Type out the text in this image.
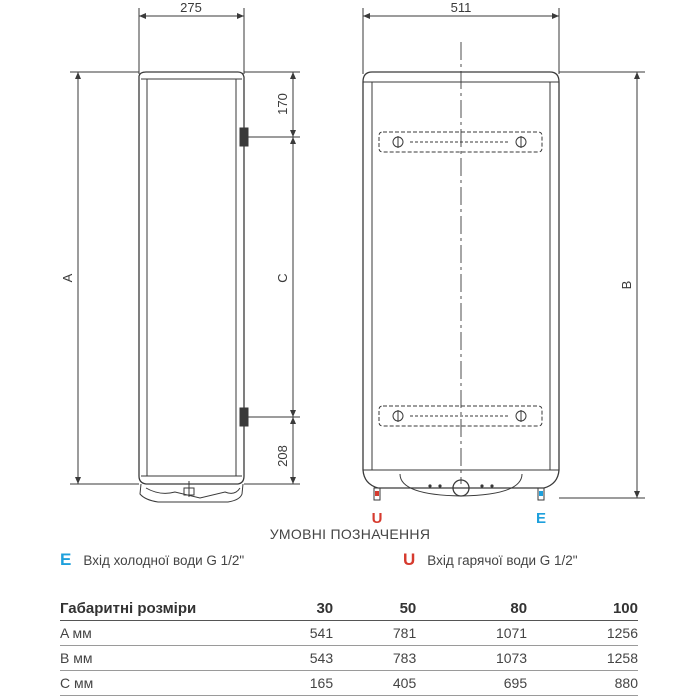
275	511
170
208
C
A
B
U	E
УМОВНІ ПОЗНАЧЕННЯ
E Вхід холодної води G 1/2"	U Вхід гарячої води G 1/2"
Габаритні розміри	30	50	80	100
A мм	541	781	1071	1256
B мм	543	783	1073	1258
C мм	165	405	695	880
